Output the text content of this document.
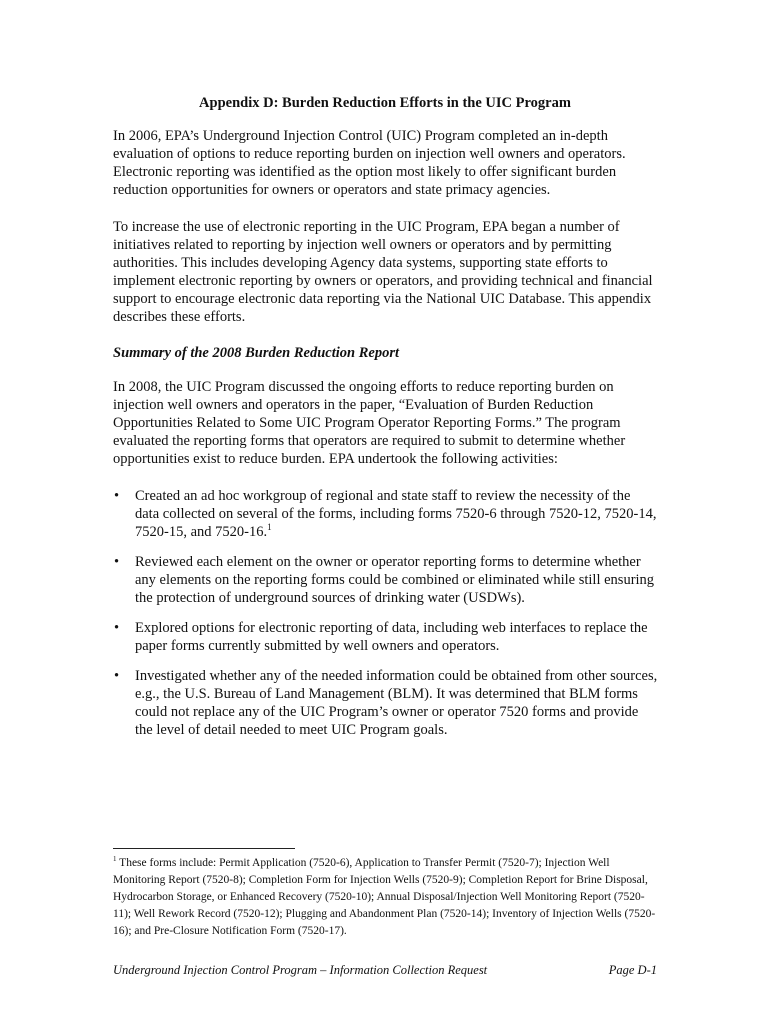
Appendix D: Burden Reduction Efforts in the UIC Program

In 2006, EPA’s Underground Injection Control (UIC) Program completed an in-depth evaluation of options to reduce reporting burden on injection well owners and operators. Electronic reporting was identified as the option most likely to offer significant burden reduction opportunities for owners or operators and state primacy agencies.

To increase the use of electronic reporting in the UIC Program, EPA began a number of initiatives related to reporting by injection well owners or operators and by permitting authorities. This includes developing Agency data systems, supporting state efforts to implement electronic reporting by owners or operators, and providing technical and financial support to encourage electronic data reporting via the National UIC Database. This appendix describes these efforts.

Summary of the 2008 Burden Reduction Report

In 2008, the UIC Program discussed the ongoing efforts to reduce reporting burden on injection well owners and operators in the paper, “Evaluation of Burden Reduction Opportunities Related to Some UIC Program Operator Reporting Forms.” The program evaluated the reporting forms that operators are required to submit to determine whether opportunities exist to reduce burden. EPA undertook the following activities:

• Created an ad hoc workgroup of regional and state staff to review the necessity of the data collected on several of the forms, including forms 7520-6 through 7520-12, 7520-14, 7520-15, and 7520-16.$^1$
• Reviewed each element on the owner or operator reporting forms to determine whether any elements on the reporting forms could be combined or eliminated while still ensuring the protection of underground sources of drinking water (USDWs).
• Explored options for electronic reporting of data, including web interfaces to replace the paper forms currently submitted by well owners and operators.
• Investigated whether any of the needed information could be obtained from other sources, e.g., the U.S. Bureau of Land Management (BLM). It was determined that BLM forms could not replace any of the UIC Program’s owner or operator 7520 forms and provide the level of detail needed to meet UIC Program goals.

$^1$ These forms include: Permit Application (7520-6), Application to Transfer Permit (7520-7); Injection Well Monitoring Report (7520-8); Completion Form for Injection Wells (7520-9); Completion Report for Brine Disposal, Hydrocarbon Storage, or Enhanced Recovery (7520-10); Annual Disposal/Injection Well Monitoring Report (7520-11); Well Rework Record (7520-12); Plugging and Abandonment Plan (7520-14); Inventory of Injection Wells (7520-16); and Pre-Closure Notification Form (7520-17).

Underground Injection Control Program – Information Collection Request	Page D-1
